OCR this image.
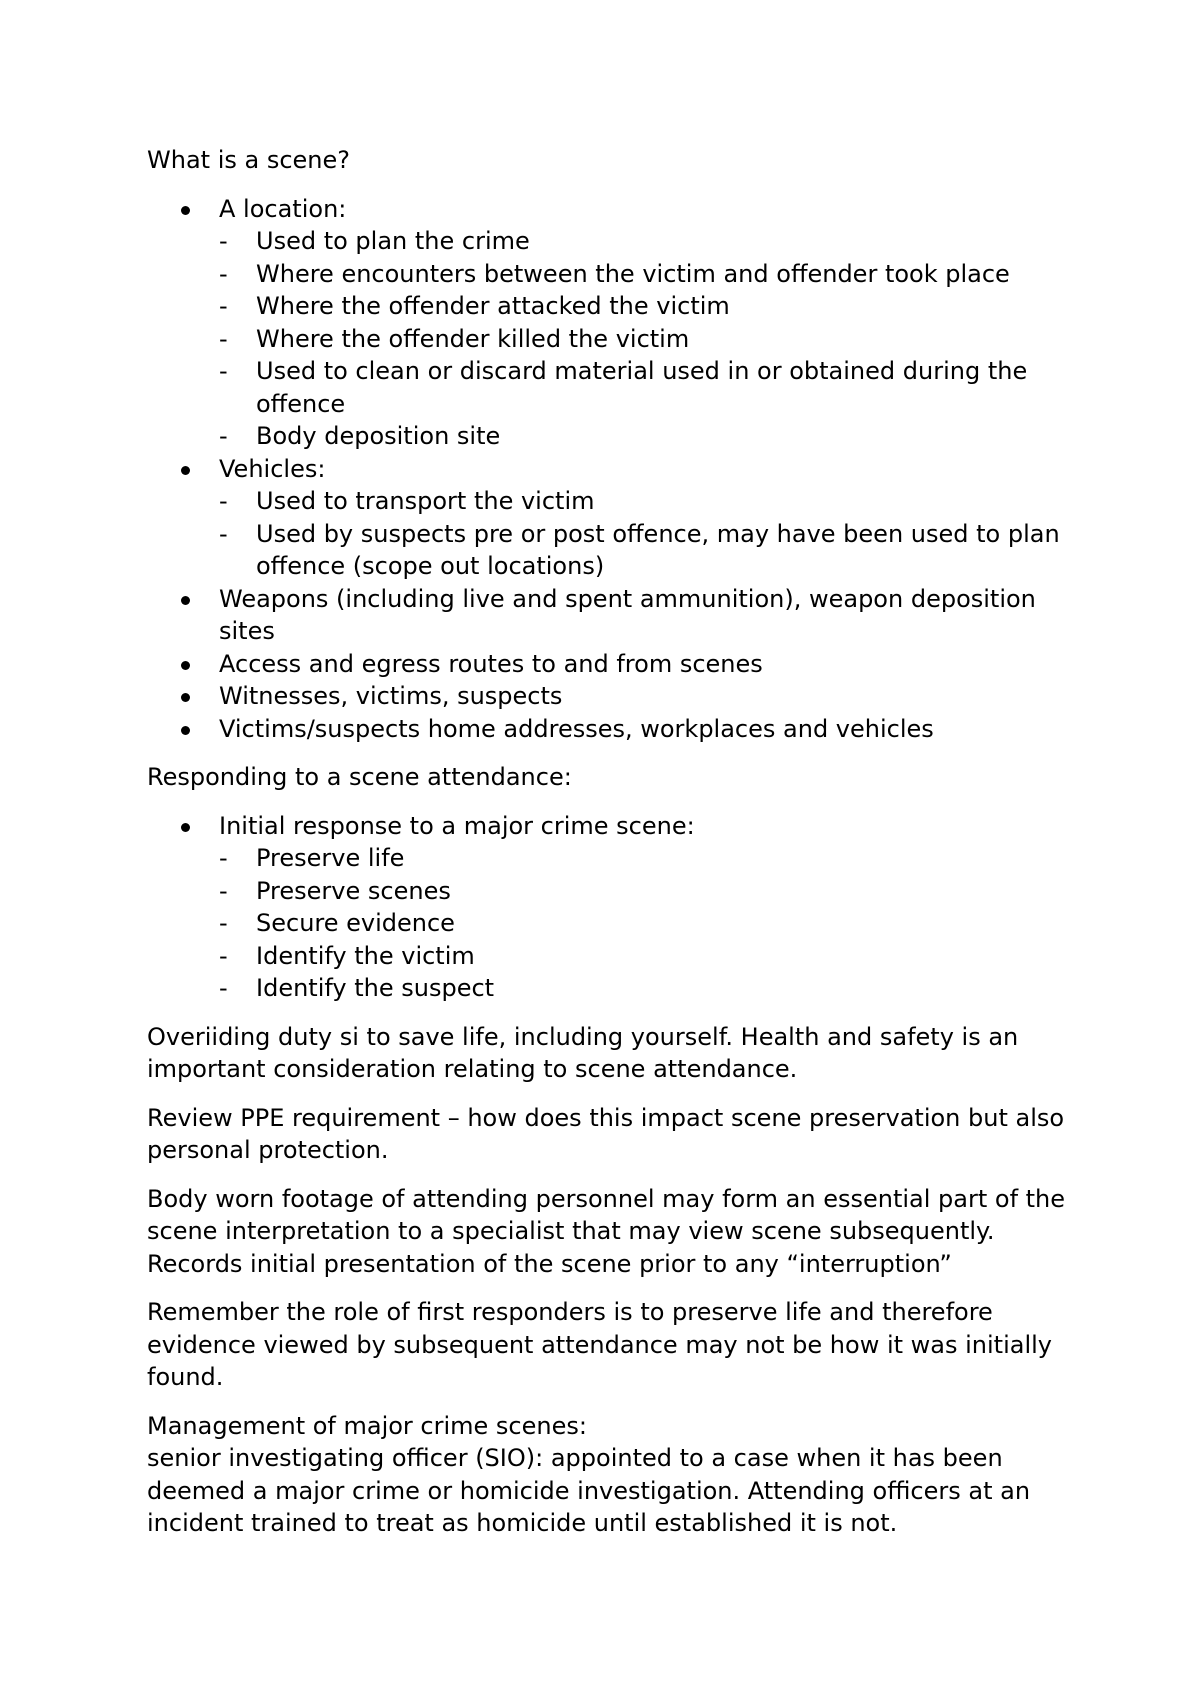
What is a scene?

A location:
- Used to plan the crime
- Where encounters between the victim and offender took place
- Where the offender attacked the victim
- Where the offender killed the victim
- Used to clean or discard material used in or obtained during the offence
- Body deposition site
Vehicles:
- Used to transport the victim
- Used by suspects pre or post offence, may have been used to plan offence (scope out locations)
Weapons (including live and spent ammunition), weapon deposition sites
Access and egress routes to and from scenes
Witnesses, victims, suspects
Victims/suspects home addresses, workplaces and vehicles

Responding to a scene attendance:

Initial response to a major crime scene:
- Preserve life
- Preserve scenes
- Secure evidence
- Identify the victim
- Identify the suspect

Overiiding duty si to save life, including yourself. Health and safety is an important consideration relating to scene attendance.

Review PPE requirement – how does this impact scene preservation but also personal protection.

Body worn footage of attending personnel may form an essential part of the scene interpretation to a specialist that may view scene subsequently. Records initial presentation of the scene prior to any “interruption”

Remember the role of first responders is to preserve life and therefore evidence viewed by subsequent attendance may not be how it was initially found.

Management of major crime scenes:

senior investigating officer (SIO): appointed to a case when it has been deemed a major crime or homicide investigation. Attending officers at an incident trained to treat as homicide until established it is not.
